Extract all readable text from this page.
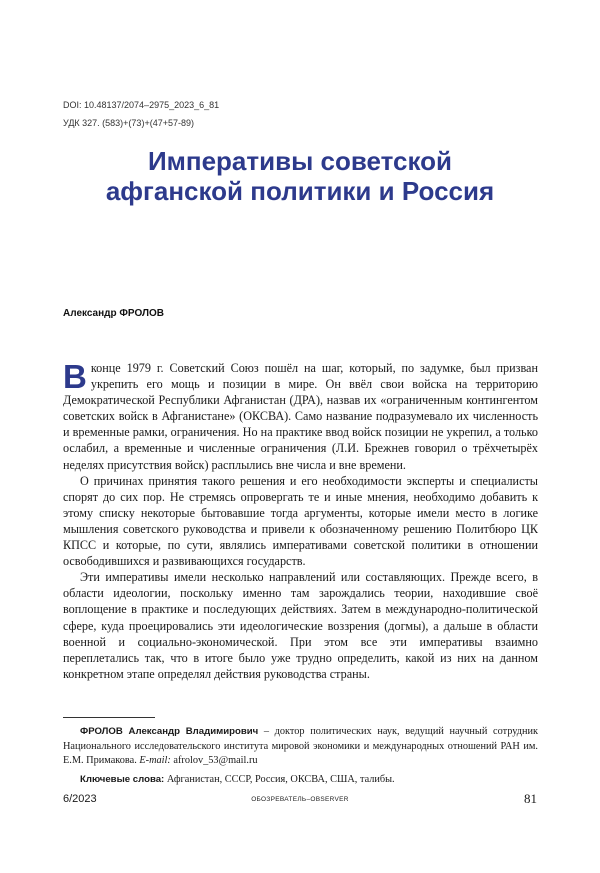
DOI: 10.48137/2074–2975_2023_6_81
УДК 327. (583)+(73)+(47+57-89)
Императивы советской
афганской политики и Россия
Александр ФРОЛОВ

Вконце 1979 г. Советский Союз пошёл на шаг, который, по задумке, был призван укрепить его мощь и позиции в мире. Он ввёл свои войска на территорию Демократической Республики Афганистан (ДРА), назвав их «ограниченным контингентом советских войск в Афганистане» (ОКСВА). Само название подразумевало их численность и временные рамки, ограничения. Но на практике ввод войск позиции не укрепил, а только ослабил, а временные и численные ограничения (Л.И. Брежнев говорил о трёхчетырёх неделях присутствия войск) расплылись вне числа и вне времени.

О причинах принятия такого решения и его необходимости эксперты и специалисты спорят до сих пор. Не стремясь опровергать те и иные мнения, необходимо добавить к этому списку некоторые бытовавшие тогда аргументы, которые имели место в логике мышления советского руководства и привели к обозначенному решению Политбюро ЦК КПСС и которые, по сути, являлись императивами советской политики в отношении освободившихся и развивающихся государств.

Эти императивы имели несколько направлений или составляющих. Прежде всего, в области идеологии, поскольку именно там зарождались теории, находившие своё воплощение в практике и последующих действиях. Затем в международно-политической сфере, куда проецировались эти идеологические воззрения (догмы), а дальше в области военной и социально-экономической. При этом все эти императивы взаимно переплетались так, что в итоге было уже трудно определить, какой из них на данном конкретном этапе определял действия руководства страны.

ФРОЛОВ Александр Владимирович – доктор политических наук, ведущий научный сотрудник Национального исследовательского института мировой экономики и международных отношений РАН им. Е.М. Примакова. E-mail: afrolov_53@mail.ru

Ключевые слова: Афганистан, СССР, Россия, ОКСВА, США, талибы.

6/2023	ОБОЗРЕВАТЕЛЬ–OBSERVER	81
